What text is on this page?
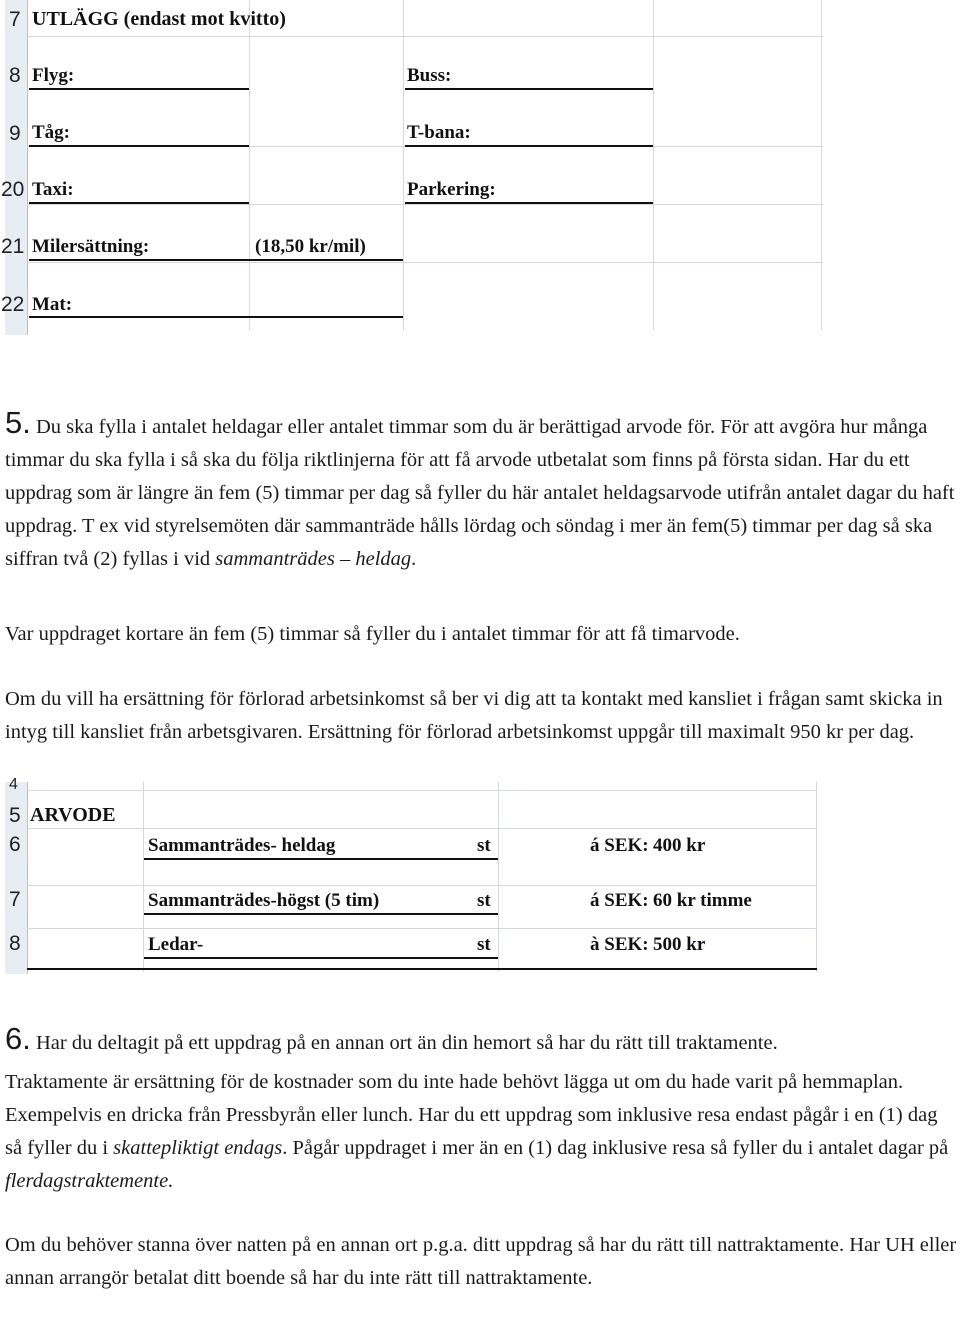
7
8
9
20
21
22
UTLÄGG (endast mot kvitto)
Flyg:	Buss:
Tåg:	T-bana:
Taxi:	Parkering:
Milersättning:	(18,50 kr/mil)
Mat:

5. Du ska fylla i antalet heldagar eller antalet timmar som du är berättigad arvode för. För att avgöra hur många timmar du ska fylla i så ska du följa riktlinjerna för att få arvode utbetalat som finns på första sidan. Har du ett uppdrag som är längre än fem (5) timmar per dag så fyller du här antalet heldagsarvode utifrån antalet dagar du haft uppdrag. T ex vid styrelsemöten där sammanträde hålls lördag och söndag i mer än fem(5) timmar per dag så ska siffran två (2) fyllas i vid sammanträdes – heldag.

Var uppdraget kortare än fem (5) timmar så fyller du i antalet timmar för att få timarvode.

Om du vill ha ersättning för förlorad arbetsinkomst så ber vi dig att ta kontakt med kansliet i frågan samt skicka in intyg till kansliet från arbetsgivaren. Ersättning för förlorad arbetsinkomst uppgår till maximalt 950 kr per dag.

4
5
6
7
8
ARVODE
Sammanträdes- heldag	st	á SEK: 400 kr
Sammanträdes-högst (5 tim)	st	á SEK: 60 kr timme
Ledar-	st	à SEK: 500 kr

6. Har du deltagit på ett uppdrag på en annan ort än din hemort så har du rätt till traktamente.

Traktamente är ersättning för de kostnader som du inte hade behövt lägga ut om du hade varit på hemmaplan. Exempelvis en dricka från Pressbyrån eller lunch. Har du ett uppdrag som inklusive resa endast pågår i en (1) dag så fyller du i skattepliktigt endags. Pågår uppdraget i mer än en (1) dag inklusive resa så fyller du i antalet dagar på flerdagstraktemente.

Om du behöver stanna över natten på en annan ort p.g.a. ditt uppdrag så har du rätt till nattraktamente. Har UH eller annan arrangör betalat ditt boende så har du inte rätt till nattraktamente.
